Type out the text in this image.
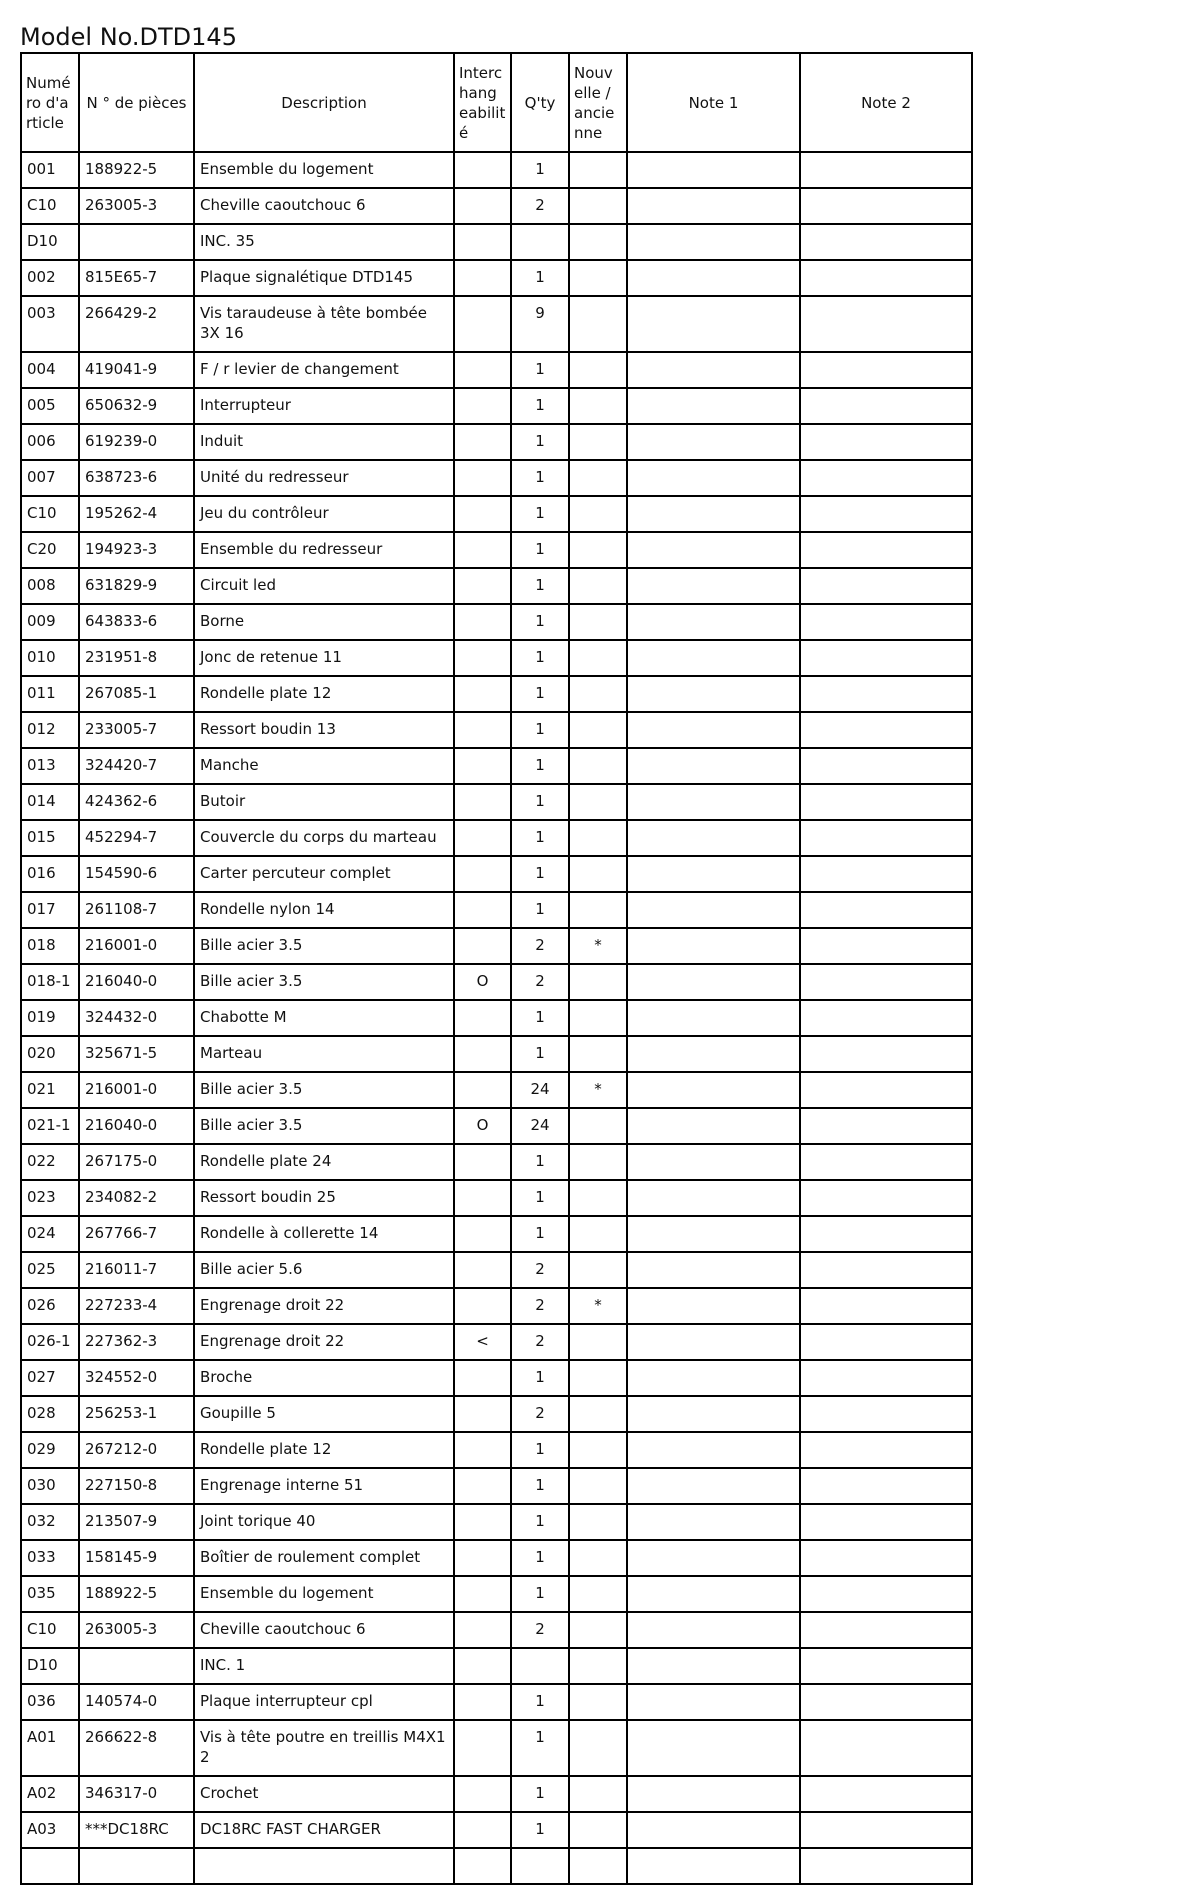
Model No.DTD145
Numé ro d'a rticle	N ° de pièces	Description	Interc hang eabilit é	Q'ty	Nouv elle / ancie nne	Note 1	Note 2
001	188922-5	Ensemble du logement		1			
C10	263005-3	Cheville caoutchouc 6		2			
D10		INC. 35					
002	815E65-7	Plaque signalétique DTD145		1			
003	266429-2	Vis taraudeuse à tête bombée 3X 16		9			
004	419041-9	F / r levier de changement		1			
005	650632-9	Interrupteur		1			
006	619239-0	Induit		1			
007	638723-6	Unité du redresseur		1			
C10	195262-4	Jeu du contrôleur		1			
C20	194923-3	Ensemble du redresseur		1			
008	631829-9	Circuit led		1			
009	643833-6	Borne		1			
010	231951-8	Jonc de retenue 11		1			
011	267085-1	Rondelle plate 12		1			
012	233005-7	Ressort boudin 13		1			
013	324420-7	Manche		1			
014	424362-6	Butoir		1			
015	452294-7	Couvercle du corps du marteau		1			
016	154590-6	Carter percuteur complet		1			
017	261108-7	Rondelle nylon 14		1			
018	216001-0	Bille acier 3.5		2	*		
018-1	216040-0	Bille acier 3.5	O	2			
019	324432-0	Chabotte M		1			
020	325671-5	Marteau		1			
021	216001-0	Bille acier 3.5		24	*		
021-1	216040-0	Bille acier 3.5	O	24			
022	267175-0	Rondelle plate 24		1			
023	234082-2	Ressort boudin 25		1			
024	267766-7	Rondelle à collerette 14		1			
025	216011-7	Bille acier 5.6		2			
026	227233-4	Engrenage droit 22		2	*		
026-1	227362-3	Engrenage droit 22	<	2			
027	324552-0	Broche		1			
028	256253-1	Goupille 5		2			
029	267212-0	Rondelle plate 12		1			
030	227150-8	Engrenage interne 51		1			
032	213507-9	Joint torique 40		1			
033	158145-9	Boîtier de roulement complet		1			
035	188922-5	Ensemble du logement		1			
C10	263005-3	Cheville caoutchouc 6		2			
D10		INC. 1					
036	140574-0	Plaque interrupteur cpl		1			
A01	266622-8	Vis à tête poutre en treillis M4X1 2		1			
A02	346317-0	Crochet		1			
A03	***DC18RC	DC18RC FAST CHARGER		1			
